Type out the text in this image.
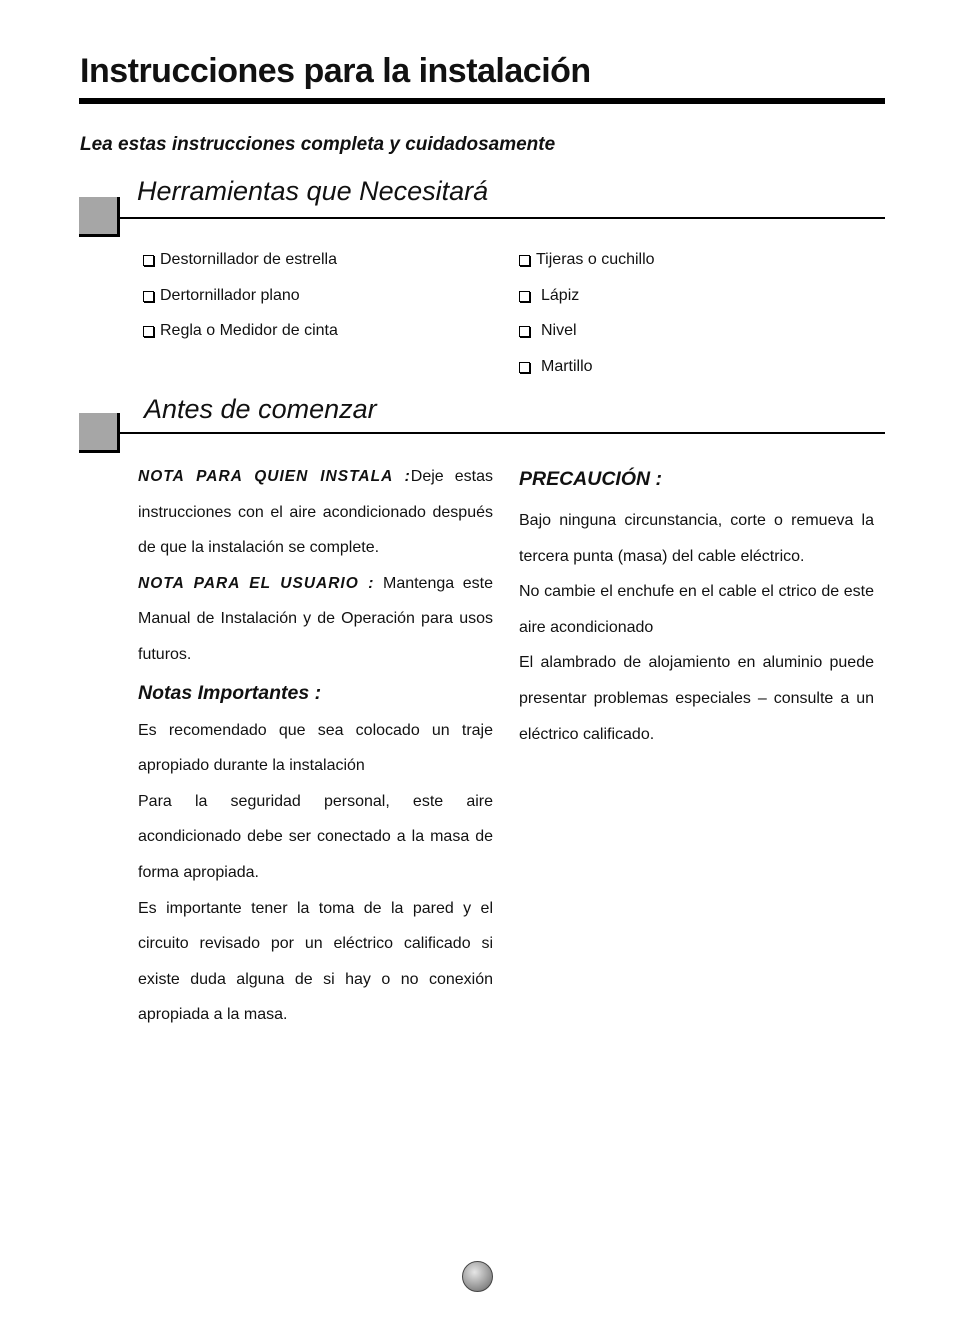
Instrucciones para la instalación

Lea estas instrucciones completa y cuidadosamente

Herramientas que Necesitará
Destornillador de estrella
Dertornillador plano
Regla o Medidor de cinta
Tijeras o cuchillo
Lápiz
Nivel
Martillo
Antes de comenzar

NOTA PARA QUIEN INSTALA :Deje estas instrucciones con el aire acondicionado después de que la instalación se complete.

NOTA PARA EL USUARIO : Mantenga este Manual de Instalación y de Operación para usos futuros.

Notas Importantes :

Es recomendado que sea colocado un traje apropiado durante la instalación

Para la seguridad personal, este aire acondicionado debe ser conectado a la masa de forma apropiada.

Es importante tener la toma de la pared y el circuito revisado por un eléctrico calificado si existe duda alguna de si hay o no conexión apropiada a la masa.

PRECAUCIÓN :

Bajo ninguna circunstancia, corte o remueva la tercera punta (masa) del cable eléctrico.

No cambie el enchufe en el cable el ctrico de este aire acondicionado

El alambrado de alojamiento en aluminio puede presentar problemas especiales – consulte a un eléctrico calificado.
